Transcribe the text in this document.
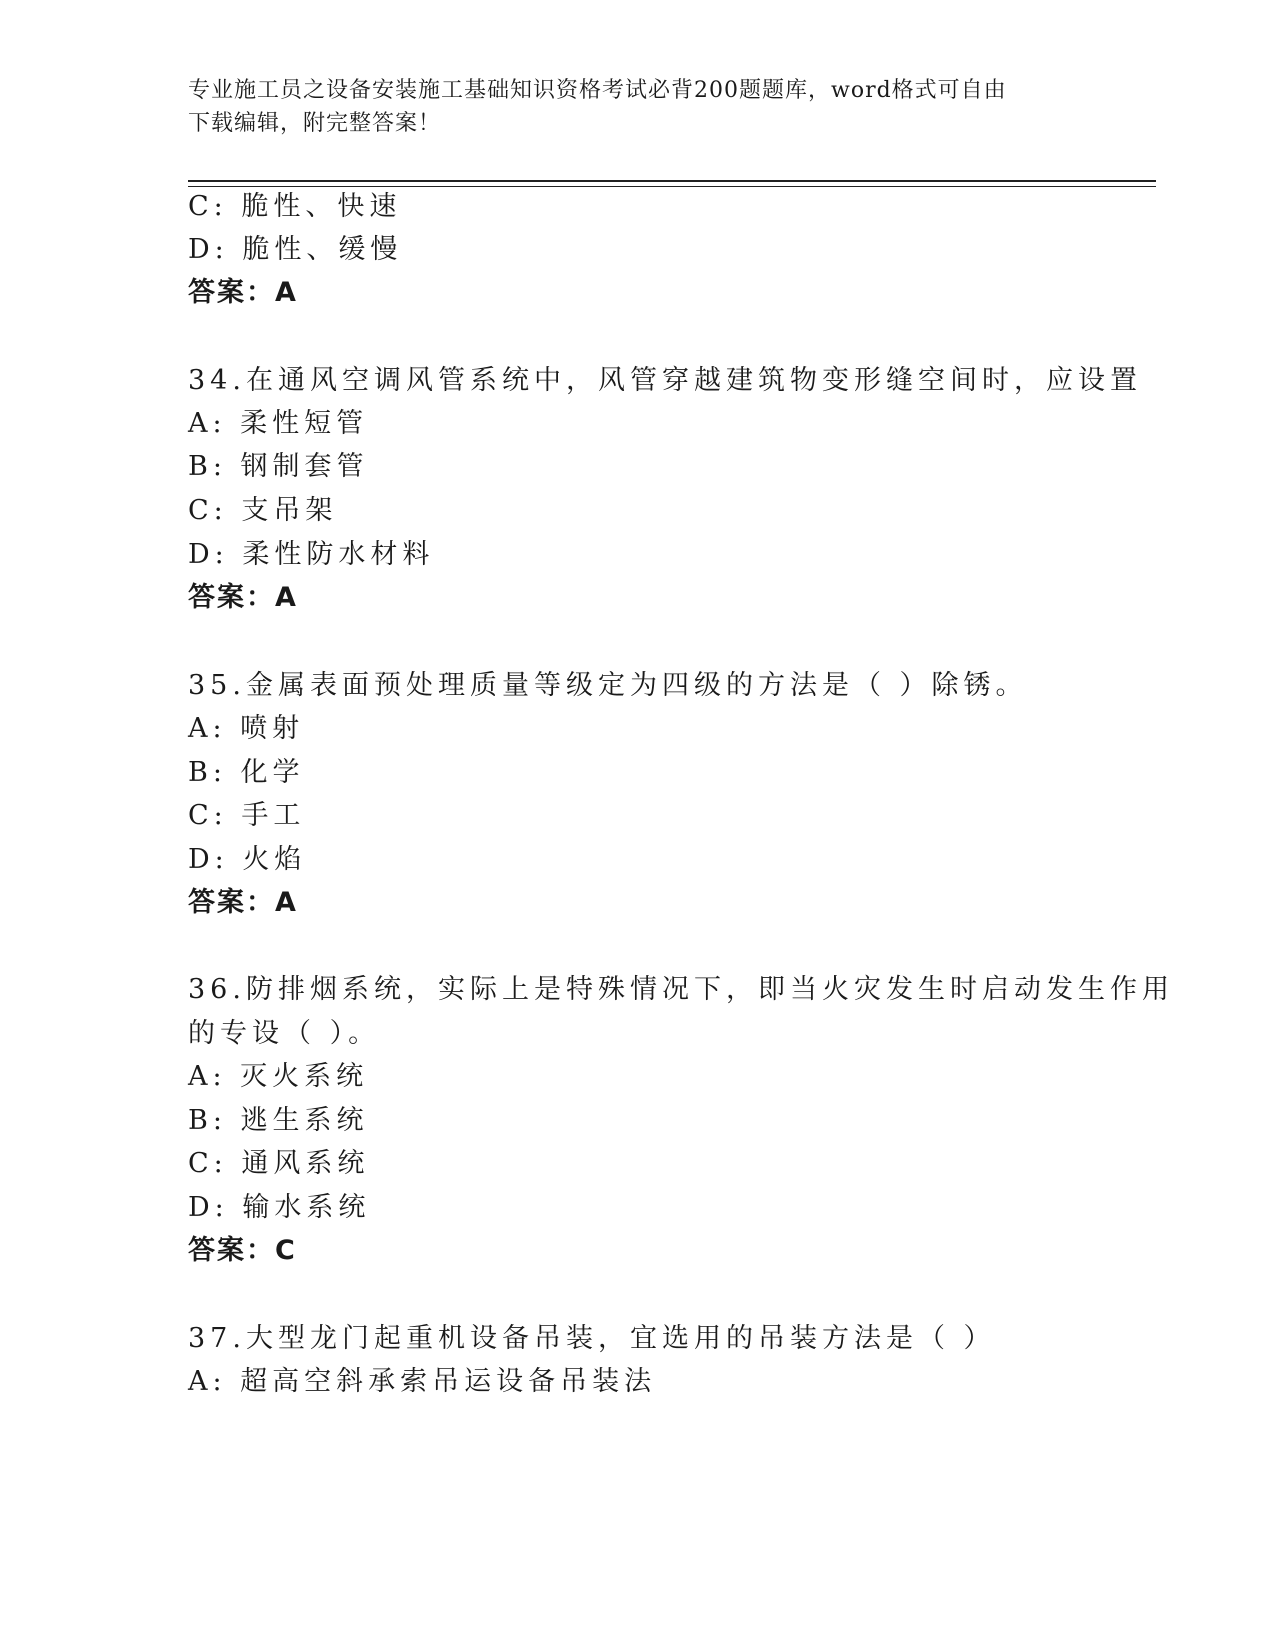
专业施工员之设备安装施工基础知识资格考试必背200题题库，word格式可自由
下载编辑，附完整答案！
C: 脆性、快速
D: 脆性、缓慢
答案：A
34.在通风空调风管系统中，风管穿越建筑物变形缝空间时，应设置
A: 柔性短管
B: 钢制套管
C: 支吊架
D: 柔性防水材料
答案：A
35.金属表面预处理质量等级定为四级的方法是（ ）除锈。
A: 喷射
B: 化学
C: 手工
D: 火焰
答案：A
36.防排烟系统，实际上是特殊情况下，即当火灾发生时启动发生作用
的专设（ ）。
A: 灭火系统
B: 逃生系统
C: 通风系统
D: 输水系统
答案：C
37.大型龙门起重机设备吊装，宜选用的吊装方法是（ ）
A: 超高空斜承索吊运设备吊装法
